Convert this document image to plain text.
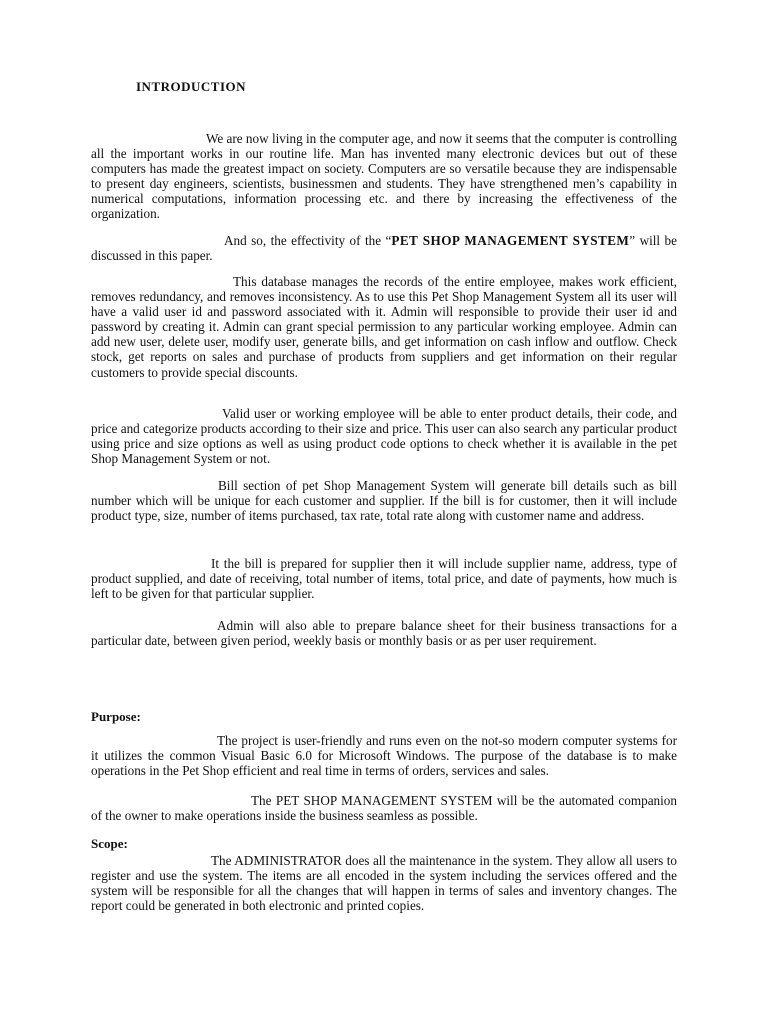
INTRODUCTION

We are now living in the computer age, and now it seems that the computer is controlling all the important works in our routine life. Man has invented many electronic devices but out of these computers has made the greatest impact on society. Computers are so versatile because they are indispensable to present day engineers, scientists, businessmen and students. They have strengthened men’s capability in numerical computations, information processing etc. and there by increasing the effectiveness of the organization.

And so, the effectivity of the “PET SHOP MANAGEMENT SYSTEM” will be discussed in this paper.

This database manages the records of the entire employee, makes work efficient, removes redundancy, and removes inconsistency. As to use this Pet Shop Management System all its user will have a valid user id and password associated with it. Admin will responsible to provide their user id and password by creating it. Admin can grant special permission to any particular working employee. Admin can add new user, delete user, modify user, generate bills, and get information on cash inflow and outflow. Check stock, get reports on sales and purchase of products from suppliers and get information on their regular customers to provide special discounts.

Valid user or working employee will be able to enter product details, their code, and price and categorize products according to their size and price. This user can also search any particular product using price and size options as well as using product code options to check whether it is available in the pet Shop Management System or not.

Bill section of pet Shop Management System will generate bill details such as bill number which will be unique for each customer and supplier. If the bill is for customer, then it will include product type, size, number of items purchased, tax rate, total rate along with customer name and address.

It the bill is prepared for supplier then it will include supplier name, address, type of product supplied, and date of receiving, total number of items, total price, and date of payments, how much is left to be given for that particular supplier.

Admin will also able to prepare balance sheet for their business transactions for a particular date, between given period, weekly basis or monthly basis or as per user requirement.

Purpose:

The project is user-friendly and runs even on the not-so modern computer systems for it utilizes the common Visual Basic 6.0 for Microsoft Windows. The purpose of the database is to make operations in the Pet Shop efficient and real time in terms of orders, services and sales.

The PET SHOP MANAGEMENT SYSTEM will be the automated companion of the owner to make operations inside the business seamless as possible.

Scope:

The ADMINISTRATOR does all the maintenance in the system. They allow all users to register and use the system. The items are all encoded in the system including the services offered and the system will be responsible for all the changes that will happen in terms of sales and inventory changes. The report could be generated in both electronic and printed copies.
